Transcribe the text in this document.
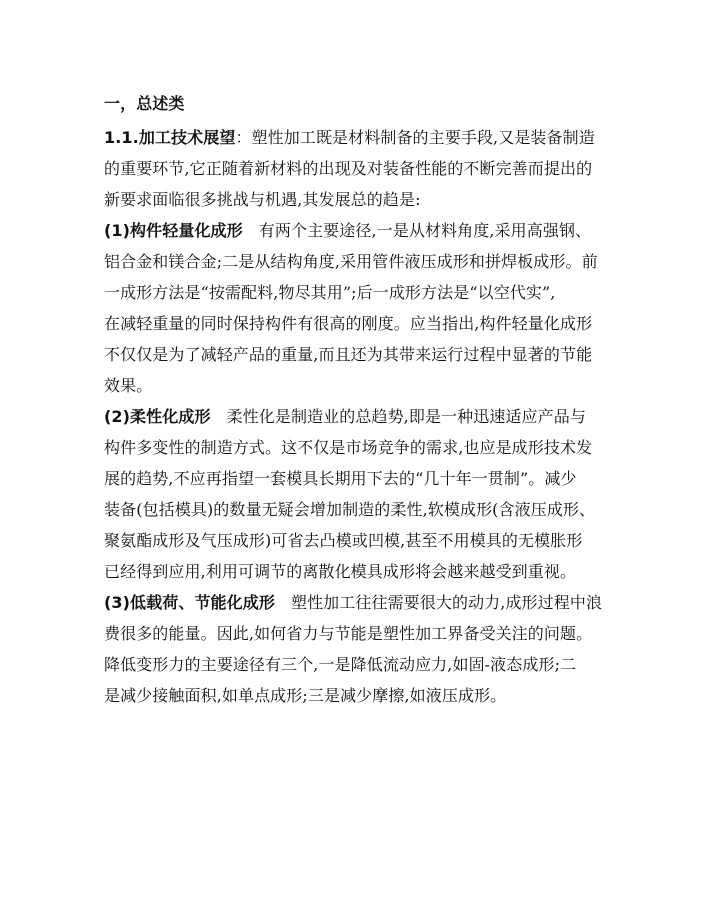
一，总述类
1.1.加工技术展望：塑性加工既是材料制备的主要手段,又是装备制造
的重要环节,它正随着新材料的出现及对装备性能的不断完善而提出的
新要求面临很多挑战与机遇,其发展总的趋是:
(1)构件轻量化成形 有两个主要途径,一是从材料角度,采用高强钢、
铝合金和镁合金;二是从结构角度,采用管件液压成形和拼焊板成形。前
一成形方法是“按需配料,物尽其用”;后一成形方法是“以空代实”,
在减轻重量的同时保持构件有很高的刚度。应当指出,构件轻量化成形
不仅仅是为了减轻产品的重量,而且还为其带来运行过程中显著的节能
效果。
(2)柔性化成形 柔性化是制造业的总趋势,即是一种迅速适应产品与
构件多变性的制造方式。这不仅是市场竞争的需求,也应是成形技术发
展的趋势,不应再指望一套模具长期用下去的“几十年一贯制”。减少
装备(包括模具)的数量无疑会增加制造的柔性,软模成形(含液压成形、
聚氨酯成形及气压成形)可省去凸模或凹模,甚至不用模具的无模胀形
已经得到应用,利用可调节的离散化模具成形将会越来越受到重视。
(3)低载荷、节能化成形 塑性加工往往需要很大的动力,成形过程中浪
费很多的能量。因此,如何省力与节能是塑性加工界备受关注的问题。
降低变形力的主要途径有三个,一是降低流动应力,如固-液态成形;二
是减少接触面积,如单点成形;三是减少摩擦,如液压成形。
